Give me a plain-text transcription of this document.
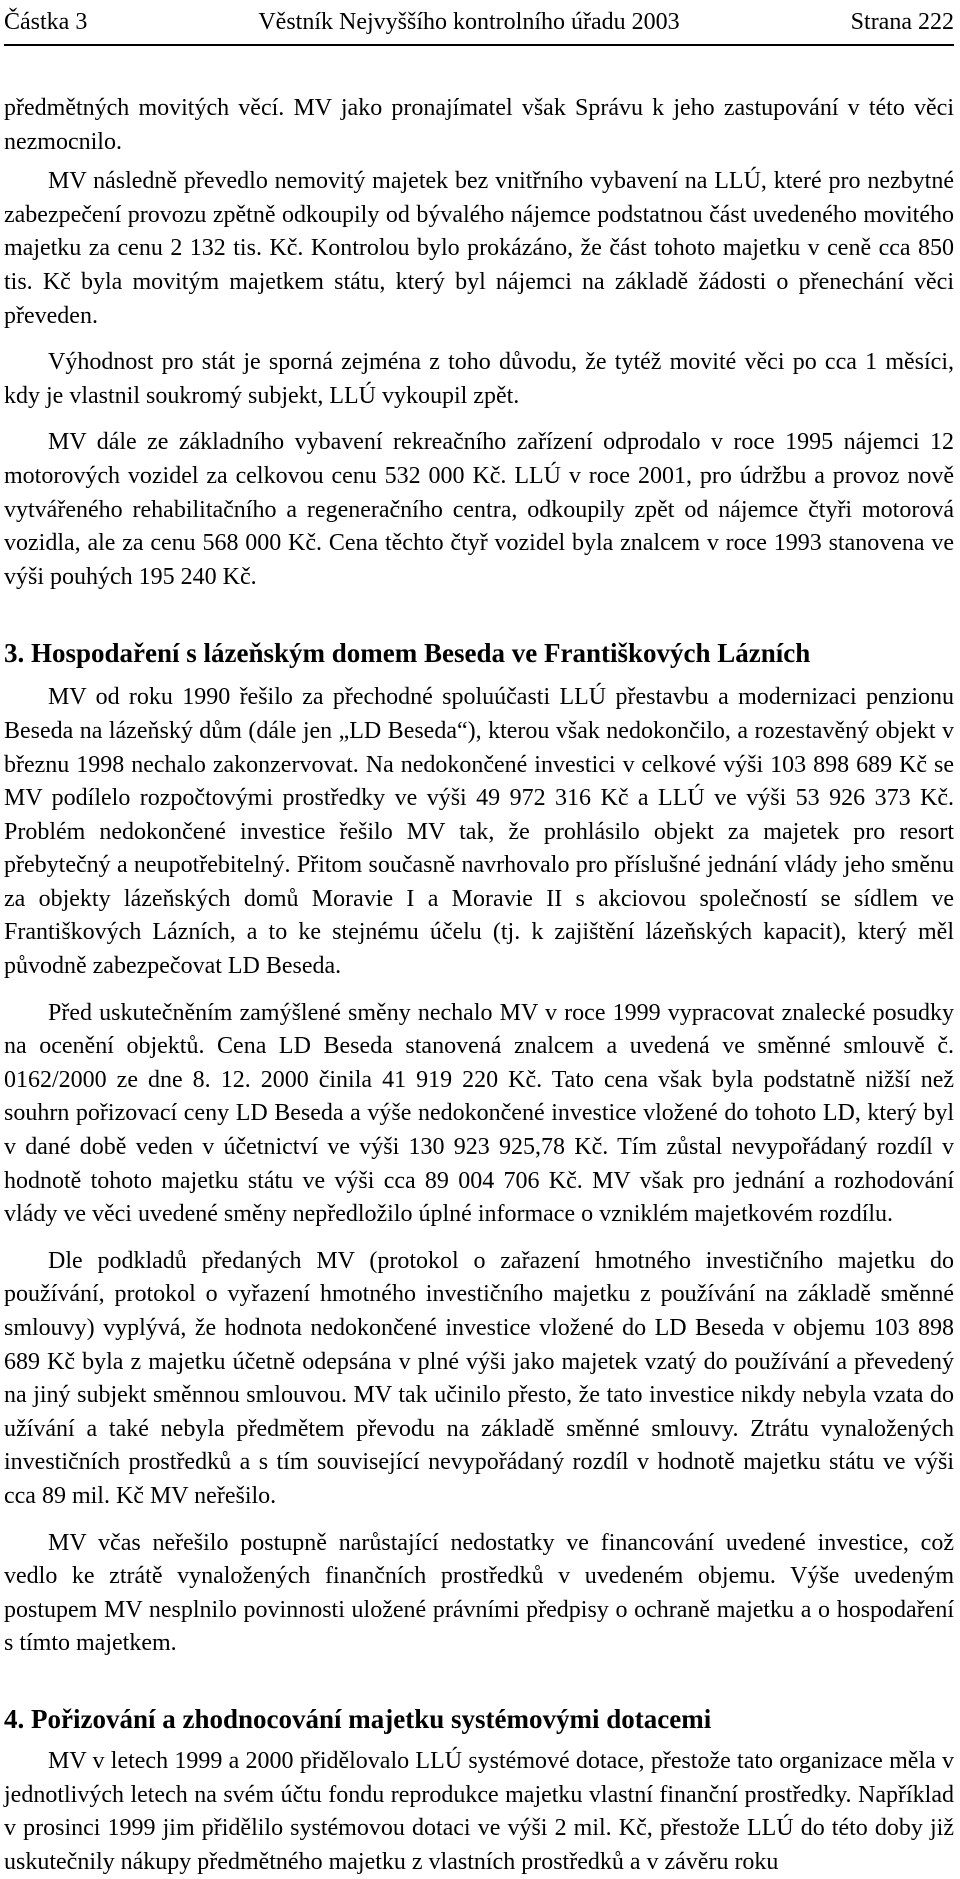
Částka 3	Věstník Nejvyššího kontrolního úřadu 2003	Strana 222

předmětných movitých věcí. MV jako pronajímatel však Správu k jeho zastupování v této věci nezmocnilo.

MV následně převedlo nemovitý majetek bez vnitřního vybavení na LLÚ, které pro nezbytné zabezpečení provozu zpětně odkoupily od bývalého nájemce podstatnou část uvedeného movitého majetku za cenu 2 132 tis. Kč. Kontrolou bylo prokázáno, že část tohoto majetku v ceně cca 850 tis. Kč byla movitým majetkem státu, který byl nájemci na základě žádosti o přenechání věci převeden.

Výhodnost pro stát je sporná zejména z toho důvodu, že tytéž movité věci po cca 1 měsíci, kdy je vlastnil soukromý subjekt, LLÚ vykoupil zpět.

MV dále ze základního vybavení rekreačního zařízení odprodalo v roce 1995 nájemci 12 motorových vozidel za celkovou cenu 532 000 Kč. LLÚ v roce 2001, pro údržbu a provoz nově vytvářeného rehabilitačního a regeneračního centra, odkoupily zpět od nájemce čtyři motorová vozidla, ale za cenu 568 000 Kč. Cena těchto čtyř vozidel byla znalcem v roce 1993 stanovena ve výši pouhých 195 240 Kč.

3. Hospodaření s lázeňským domem Beseda ve Františkových Lázních

MV od roku 1990 řešilo za přechodné spoluúčasti LLÚ přestavbu a modernizaci penzionu Beseda na lázeňský dům (dále jen „LD Beseda“), kterou však nedokončilo, a rozestavěný objekt v březnu 1998 nechalo zakonzervovat. Na nedokončené investici v celkové výši 103 898 689 Kč se MV podílelo rozpočtovými prostředky ve výši 49 972 316 Kč a LLÚ ve výši 53 926 373 Kč. Problém nedokončené investice řešilo MV tak, že prohlásilo objekt za majetek pro resort přebytečný a neupotřebitelný. Přitom současně navrhovalo pro příslušné jednání vlády jeho směnu za objekty lázeňských domů Moravie I a Moravie II s akciovou společností se sídlem ve Františkových Lázních, a to ke stejnému účelu (tj. k zajištění lázeňských kapacit), který měl původně zabezpečovat LD Beseda.

Před uskutečněním zamýšlené směny nechalo MV v roce 1999 vypracovat znalecké posudky na ocenění objektů. Cena LD Beseda stanovená znalcem a uvedená ve směnné smlouvě č. 0162/2000 ze dne 8. 12. 2000 činila 41 919 220 Kč. Tato cena však byla podstatně nižší než souhrn pořizovací ceny LD Beseda a výše nedokončené investice vložené do tohoto LD, který byl v dané době veden v účetnictví ve výši 130 923 925,78 Kč. Tím zůstal nevypořádaný rozdíl v hodnotě tohoto majetku státu ve výši cca 89 004 706 Kč. MV však pro jednání a rozhodování vlády ve věci uvedené směny nepředložilo úplné informace o vzniklém majetkovém rozdílu.

Dle podkladů předaných MV (protokol o zařazení hmotného investičního majetku do používání, protokol o vyřazení hmotného investičního majetku z používání na základě směnné smlouvy) vyplývá, že hodnota nedokončené investice vložené do LD Beseda v objemu 103 898 689 Kč byla z majetku účetně odepsána v plné výši jako majetek vzatý do používání a převedený na jiný subjekt směnnou smlouvou. MV tak učinilo přesto, že tato investice nikdy nebyla vzata do užívání a také nebyla předmětem převodu na základě směnné smlouvy. Ztrátu vynaložených investičních prostředků a s tím související nevypořádaný rozdíl v hodnotě majetku státu ve výši cca 89 mil. Kč MV neřešilo.

MV včas neřešilo postupně narůstající nedostatky ve financování uvedené investice, což vedlo ke ztrátě vynaložených finančních prostředků v uvedeném objemu. Výše uvedeným postupem MV nesplnilo povinnosti uložené právními předpisy o ochraně majetku a o hospodaření s tímto majetkem.

4. Pořizování a zhodnocování majetku systémovými dotacemi

MV v letech 1999 a 2000 přidělovalo LLÚ systémové dotace, přestože tato organizace měla v jednotlivých letech na svém účtu fondu reprodukce majetku vlastní finanční prostředky. Například v prosinci 1999 jim přidělilo systémovou dotaci ve výši 2 mil. Kč, přestože LLÚ do této doby již uskutečnily nákupy předmětného majetku z vlastních prostředků a v závěru roku
